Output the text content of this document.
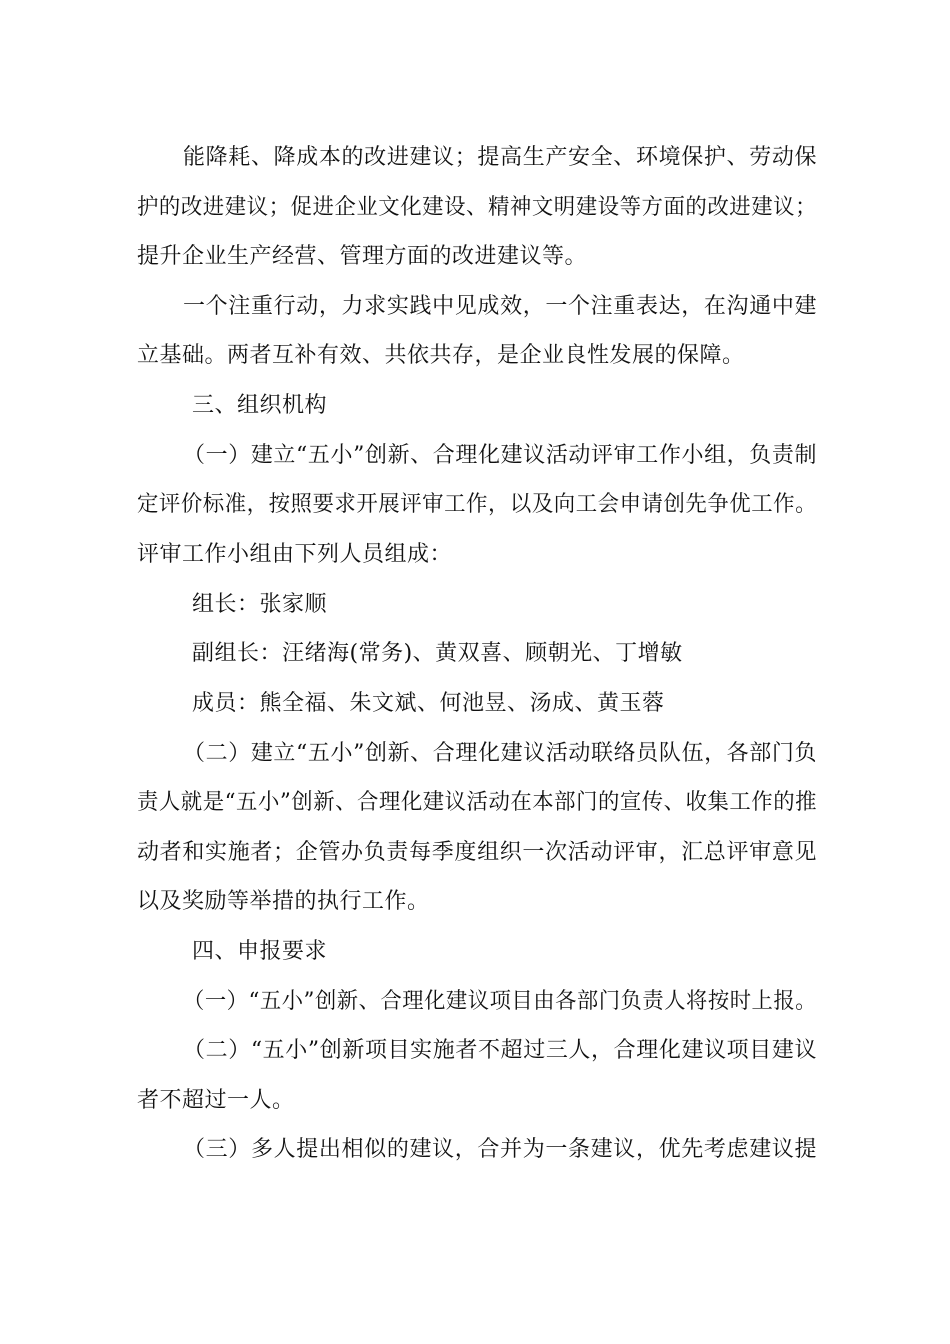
能降耗、降成本的改进建议；提高生产安全、环境保护、劳动保
护的改进建议；促进企业文化建设、精神文明建设等方面的改进建议；
提升企业生产经营、管理方面的改进建议等。
一个注重行动，力求实践中见成效，一个注重表达，在沟通中建
立基础。两者互补有效、共依共存，是企业良性发展的保障。
三、组织机构
（一）建立“五小”创新、合理化建议活动评审工作小组，负责制
定评价标准，按照要求开展评审工作，以及向工会申请创先争优工作。
评审工作小组由下列人员组成：
组长：张家顺
副组长：汪绪海(常务)、黄双喜、顾朝光、丁增敏
成员：熊全福、朱文斌、何池昱、汤成、黄玉蓉
（二）建立“五小”创新、合理化建议活动联络员队伍，各部门负
责人就是“五小”创新、合理化建议活动在本部门的宣传、收集工作的推
动者和实施者；企管办负责每季度组织一次活动评审，汇总评审意见
以及奖励等举措的执行工作。
四、申报要求
（一）“五小”创新、合理化建议项目由各部门负责人将按时上报。
（二）“五小”创新项目实施者不超过三人，合理化建议项目建议
者不超过一人。
（三）多人提出相似的建议，合并为一条建议，优先考虑建议提
